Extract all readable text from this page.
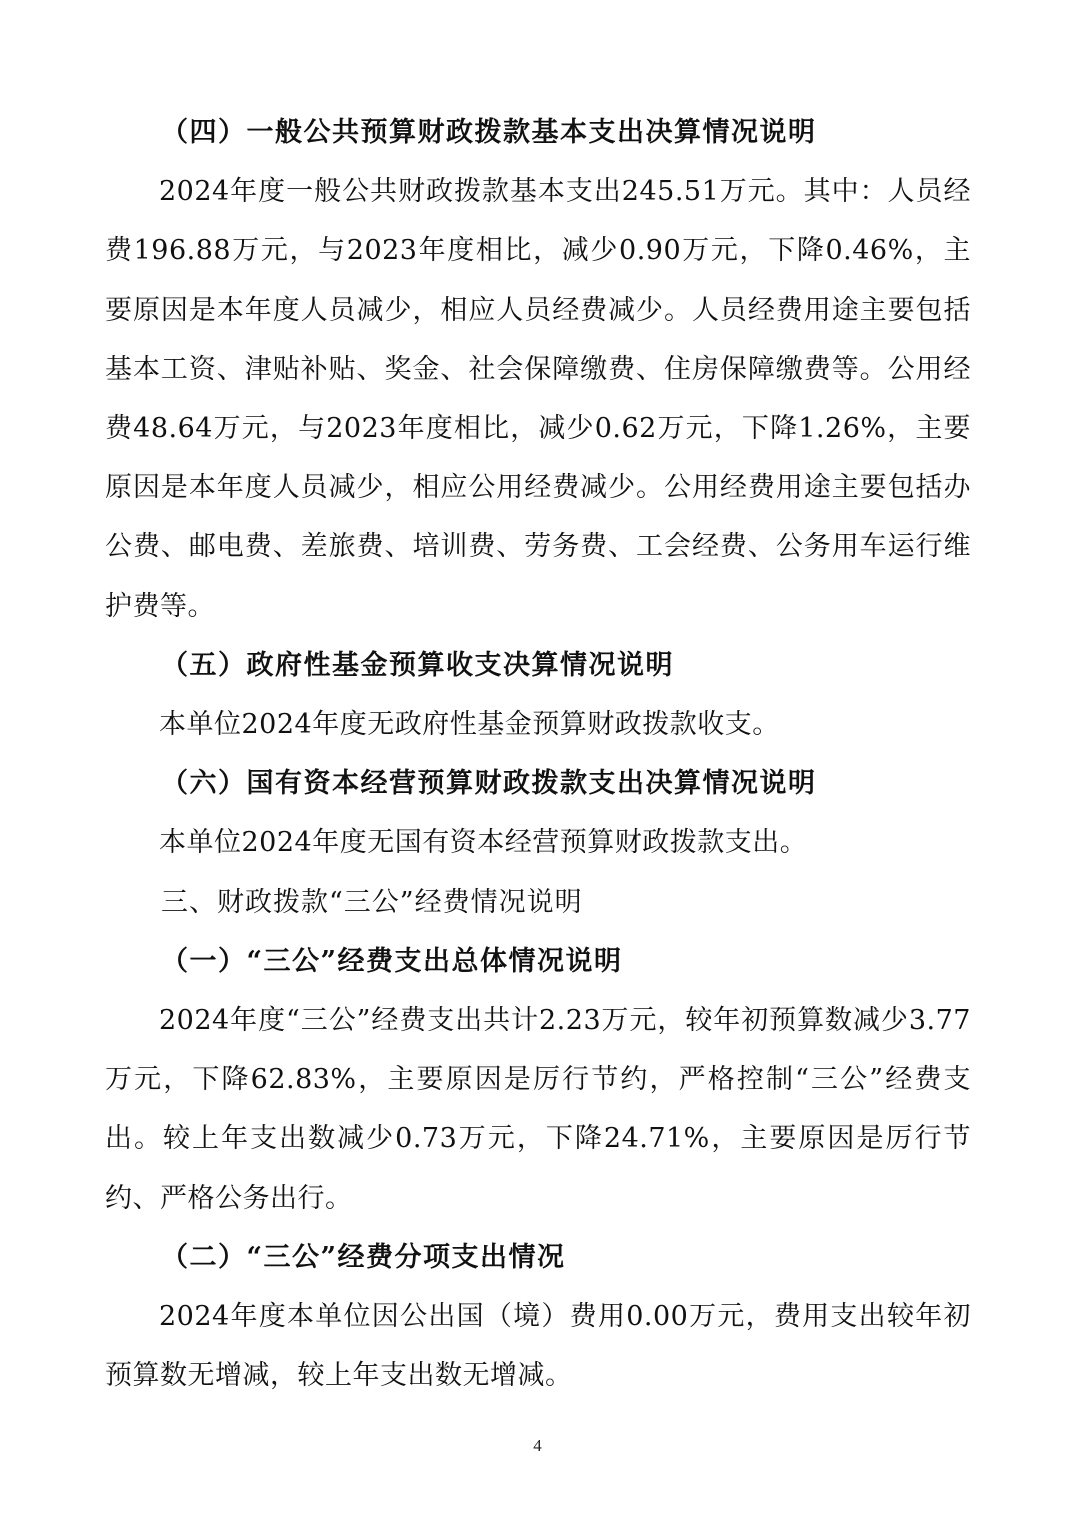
（四）一般公共预算财政拨款基本支出决算情况说明

2024年度一般公共财政拨款基本支出245.51万元。其中：人员经费196.88万元，与2023年度相比，减少0.90万元，下降0.46%，主要原因是本年度人员减少，相应人员经费减少。人员经费用途主要包括基本工资、津贴补贴、奖金、社会保障缴费、住房保障缴费等。公用经费48.64万元，与2023年度相比，减少0.62万元，下降1.26%，主要原因是本年度人员减少，相应公用经费减少。公用经费用途主要包括办公费、邮电费、差旅费、培训费、劳务费、工会经费、公务用车运行维护费等。

（五）政府性基金预算收支决算情况说明

本单位2024年度无政府性基金预算财政拨款收支。

（六）国有资本经营预算财政拨款支出决算情况说明

本单位2024年度无国有资本经营预算财政拨款支出。

三、财政拨款“三公”经费情况说明

（一）“三公”经费支出总体情况说明

2024年度“三公”经费支出共计2.23万元，较年初预算数减少3.77万元，下降62.83%，主要原因是厉行节约，严格控制“三公”经费支出。较上年支出数减少0.73万元，下降24.71%，主要原因是厉行节约、严格公务出行。

（二）“三公”经费分项支出情况

2024年度本单位因公出国（境）费用0.00万元，费用支出较年初预算数无增减，较上年支出数无增减。

4
